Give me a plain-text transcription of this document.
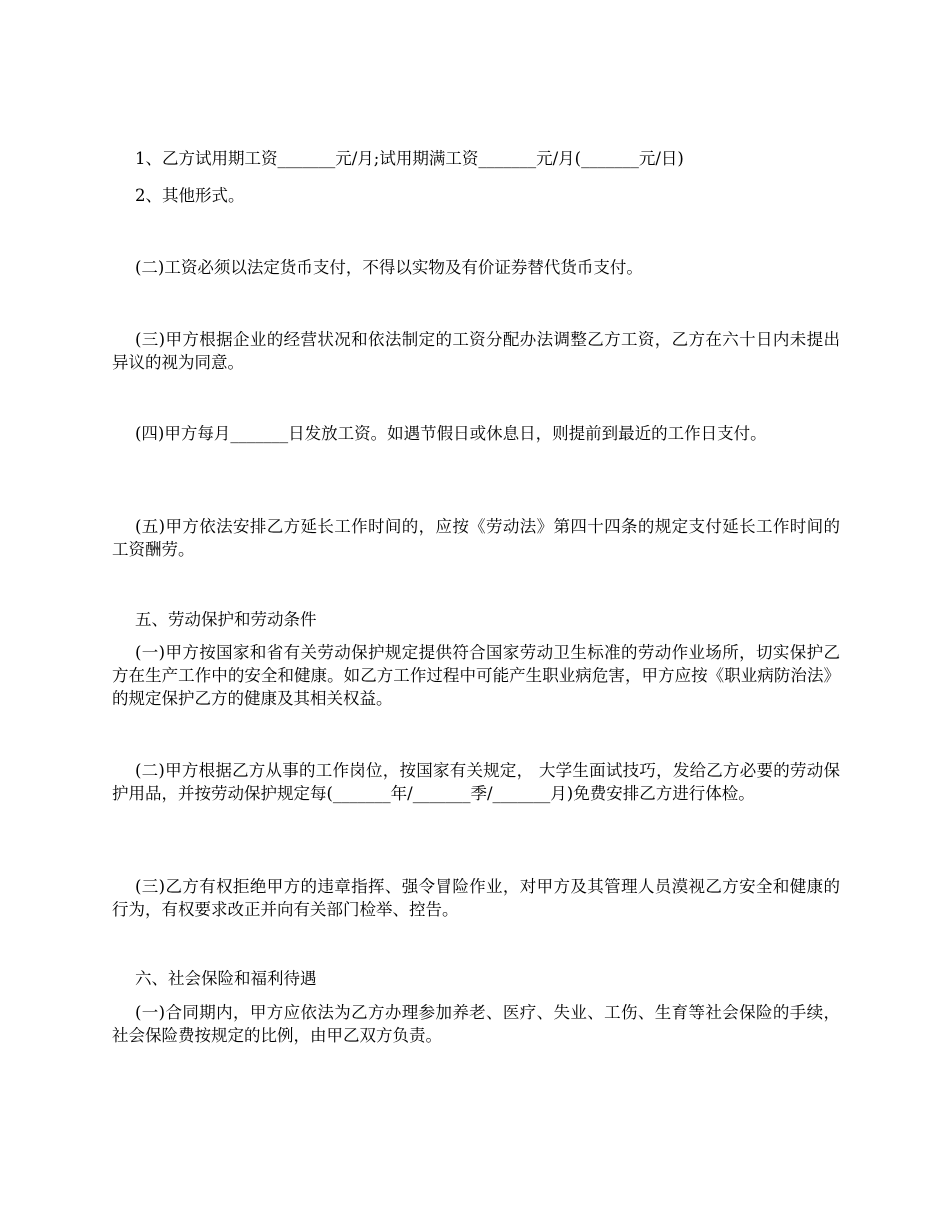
1、乙方试用期工资_______元/月;试用期满工资_______元/月(_______元/日)

2、其他形式。

(二)工资必须以法定货币支付，不得以实物及有价证券替代货币支付。

(三)甲方根据企业的经营状况和依法制定的工资分配办法调整乙方工资，乙方在六十日内未提出异议的视为同意。

(四)甲方每月_______日发放工资。如遇节假日或休息日，则提前到最近的工作日支付。

(五)甲方依法安排乙方延长工作时间的，应按《劳动法》第四十四条的规定支付延长工作时间的工资酬劳。

五、劳动保护和劳动条件

(一)甲方按国家和省有关劳动保护规定提供符合国家劳动卫生标准的劳动作业场所，切实保护乙方在生产工作中的安全和健康。如乙方工作过程中可能产生职业病危害，甲方应按《职业病防治法》的规定保护乙方的健康及其相关权益。

(二)甲方根据乙方从事的工作岗位，按国家有关规定， 大学生面试技巧，发给乙方必要的劳动保护用品，并按劳动保护规定每(_______年/_______季/_______月)免费安排乙方进行体检。

(三)乙方有权拒绝甲方的违章指挥、强令冒险作业，对甲方及其管理人员漠视乙方安全和健康的行为，有权要求改正并向有关部门检举、控告。

六、社会保险和福利待遇

(一)合同期内，甲方应依法为乙方办理参加养老、医疗、失业、工伤、生育等社会保险的手续，社会保险费按规定的比例，由甲乙双方负责。
